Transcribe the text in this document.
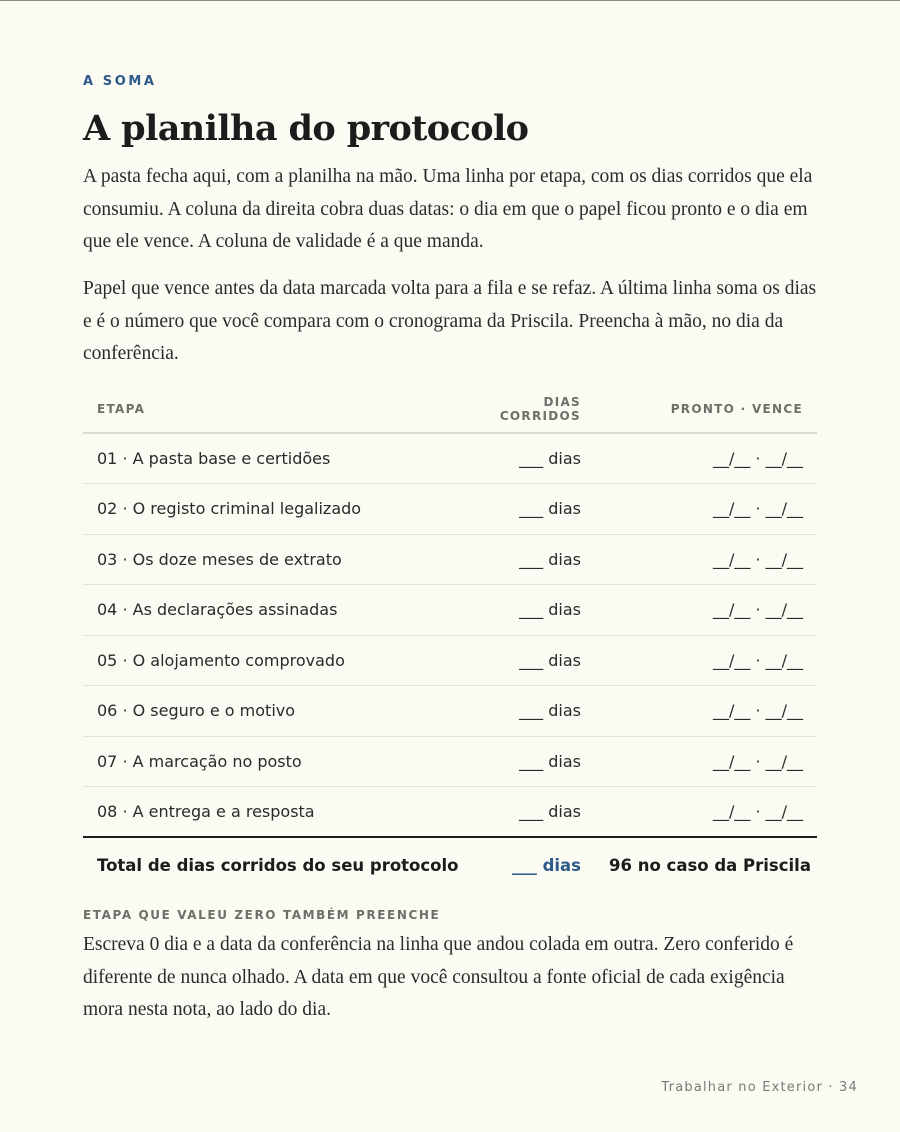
A SOMA
A planilha do protocolo

A pasta fecha aqui, com a planilha na mão. Uma linha por etapa, com os dias corridos que ela consumiu. A coluna da direita cobra duas datas: o dia em que o papel ficou pronto e o dia em que ele vence. A coluna de validade é a que manda.

Papel que vence antes da data marcada volta para a fila e se refaz. A última linha soma os dias e é o número que você compara com o cronograma da Priscila. Preencha à mão, no dia da conferência.

ETAPA	DIAS CORRIDOS	PRONTO · VENCE
01 · A pasta base e certidões	___ dias	__/__ · __/__
02 · O registo criminal legalizado	___ dias	__/__ · __/__
03 · Os doze meses de extrato	___ dias	__/__ · __/__
04 · As declarações assinadas	___ dias	__/__ · __/__
05 · O alojamento comprovado	___ dias	__/__ · __/__
06 · O seguro e o motivo	___ dias	__/__ · __/__
07 · A marcação no posto	___ dias	__/__ · __/__
08 · A entrega e a resposta	___ dias	__/__ · __/__
Total de dias corridos do seu protocolo	___ dias	96 no caso da Priscila
ETAPA QUE VALEU ZERO TAMBÉM PREENCHE

Escreva 0 dia e a data da conferência na linha que andou colada em outra. Zero conferido é diferente de nunca olhado. A data em que você consultou a fonte oficial de cada exigência mora nesta nota, ao lado do dia.

Trabalhar no Exterior · 34
